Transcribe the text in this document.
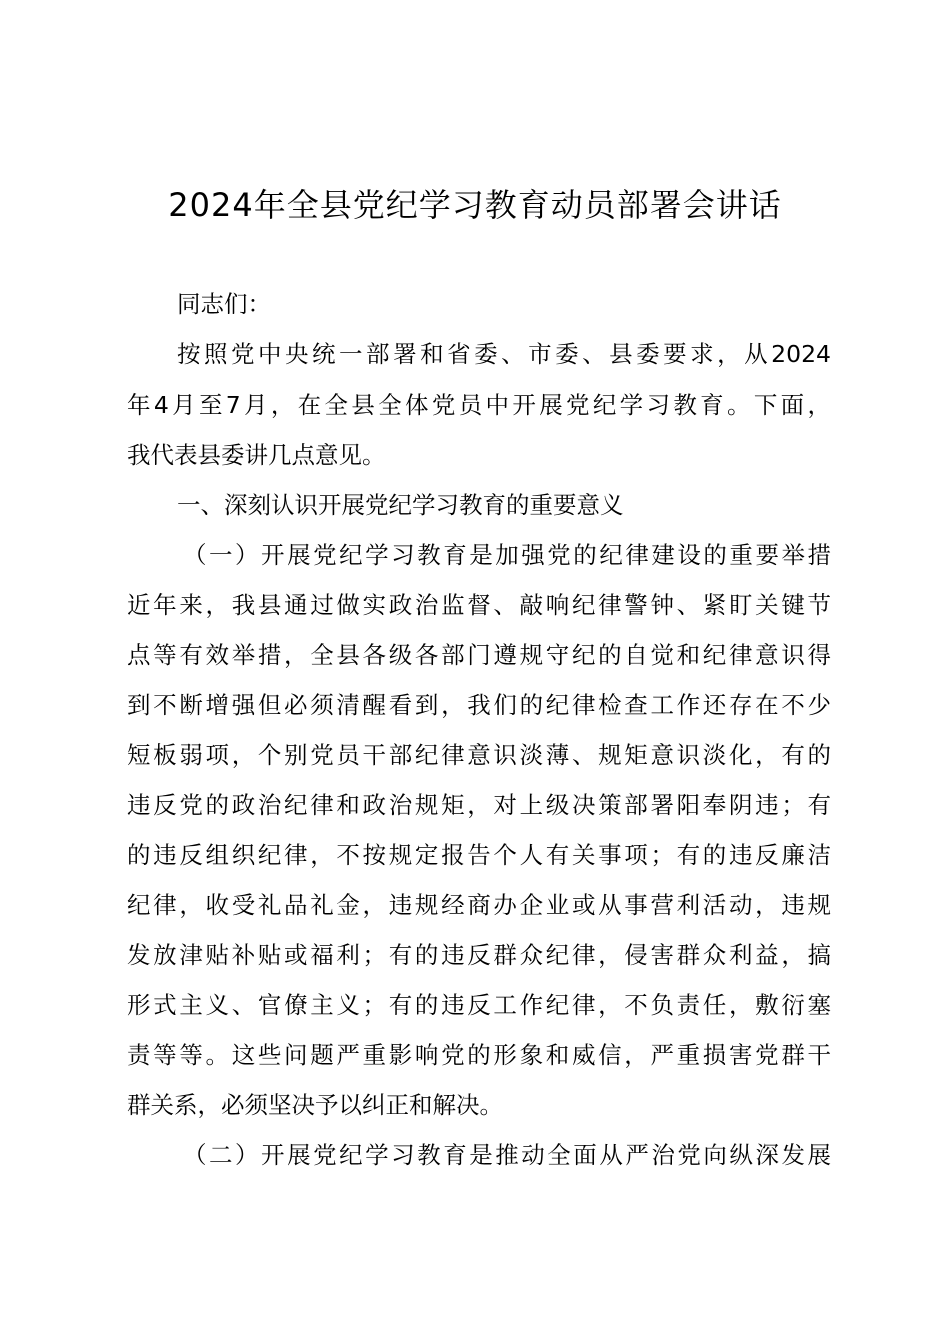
2024年全县党纪学习教育动员部署会讲话
同志们：
按照党中央统一部署和省委、市委、县委要求，从2024
年4月至7月，在全县全体党员中开展党纪学习教育。下面，
我代表县委讲几点意见。
一、深刻认识开展党纪学习教育的重要意义
（一）开展党纪学习教育是加强党的纪律建设的重要举措
近年来，我县通过做实政治监督、敲响纪律警钟、紧盯关键节
点等有效举措，全县各级各部门遵规守纪的自觉和纪律意识得
到不断增强但必须清醒看到，我们的纪律检查工作还存在不少
短板弱项，个别党员干部纪律意识淡薄、规矩意识淡化，有的
违反党的政治纪律和政治规矩，对上级决策部署阳奉阴违；有
的违反组织纪律，不按规定报告个人有关事项；有的违反廉洁
纪律，收受礼品礼金，违规经商办企业或从事营利活动，违规
发放津贴补贴或福利；有的违反群众纪律，侵害群众利益，搞
形式主义、官僚主义；有的违反工作纪律，不负责任，敷衍塞
责等等。这些问题严重影响党的形象和威信，严重损害党群干
群关系，必须坚决予以纠正和解决。
（二）开展党纪学习教育是推动全面从严治党向纵深发展
